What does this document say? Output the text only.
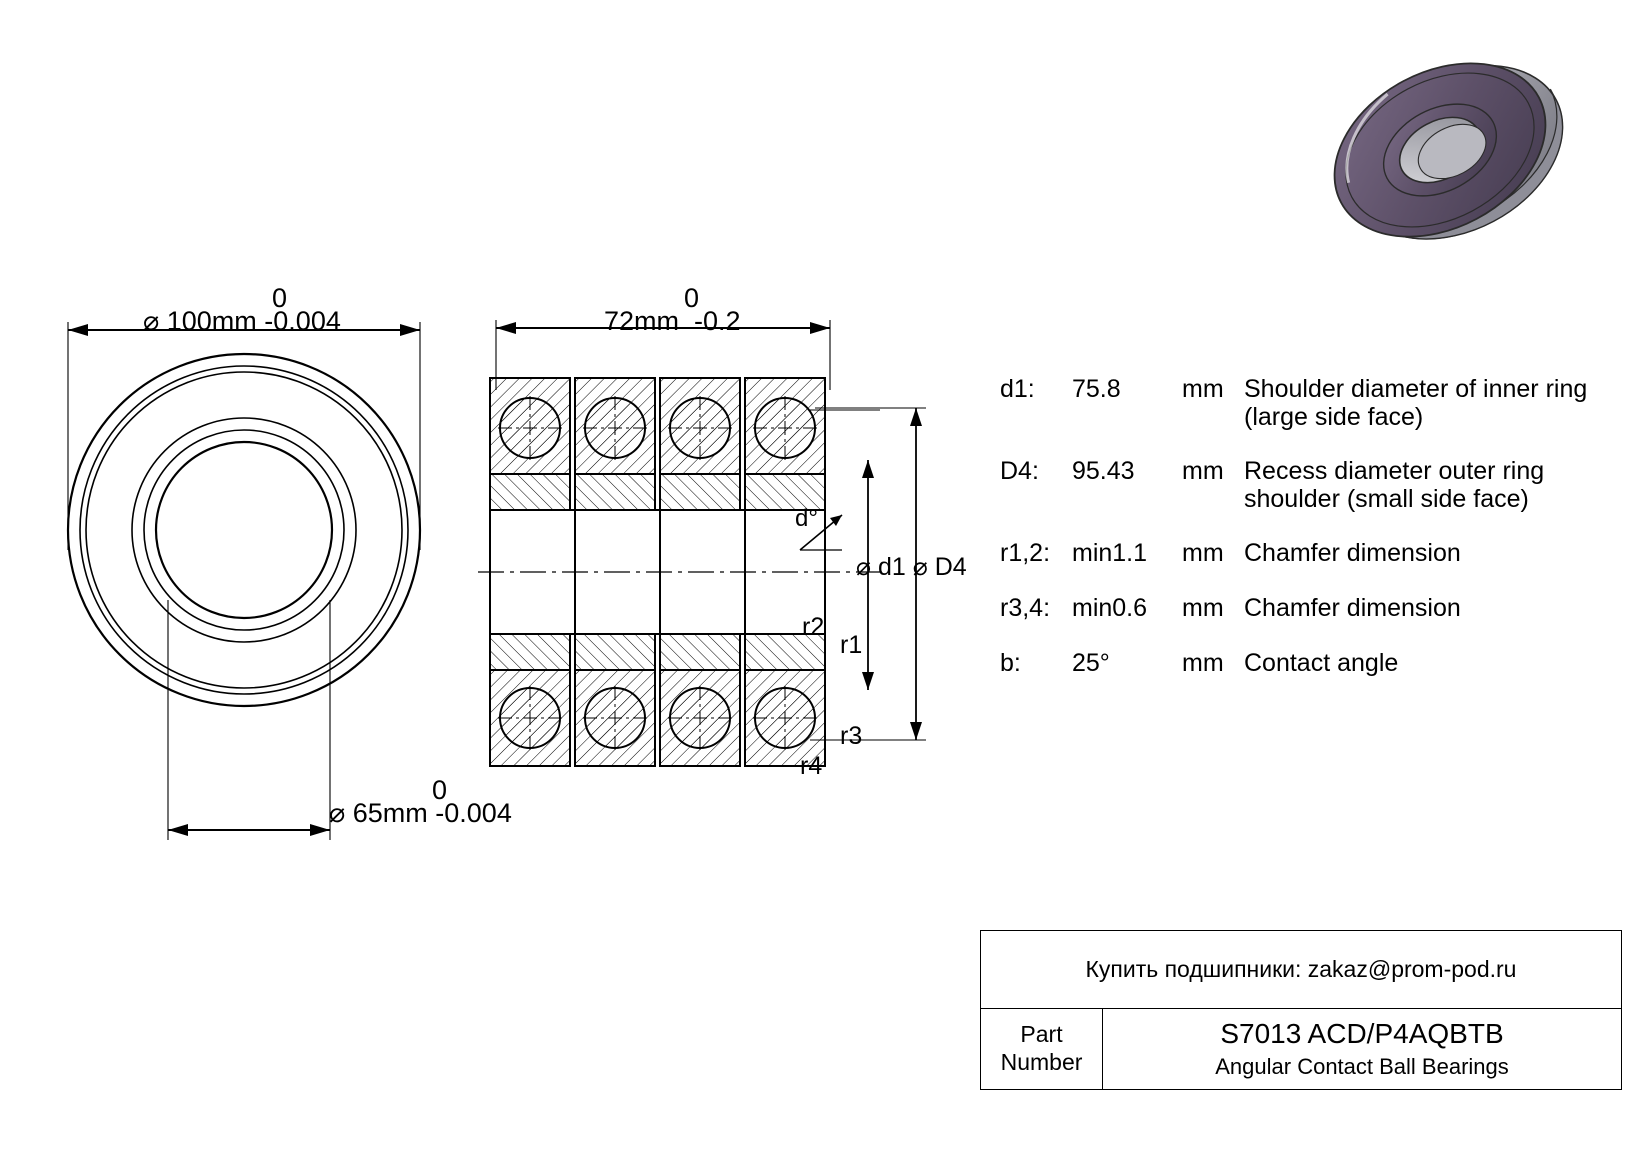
0
⌀ 100mm -0.004
0
⌀ 65mm -0.004
0
72mm  -0.2
d°
⌀ d1 ⌀ D4
r2
r1
r3
r4
d1:	75.8	mm Shoulder diameter of inner ring (large side face)
D4:	95.43	mm Recess diameter outer ring shoulder (small side face)
r1,2: min1.1	mm Chamfer dimension
r3,4: min0.6	mm Chamfer dimension
b:	25°	mm Contact angle
Купить подшипники: zakaz@prom-pod.ru
Part
Number
S7013 ACD/P4AQBTB
Angular Contact Ball Bearings
